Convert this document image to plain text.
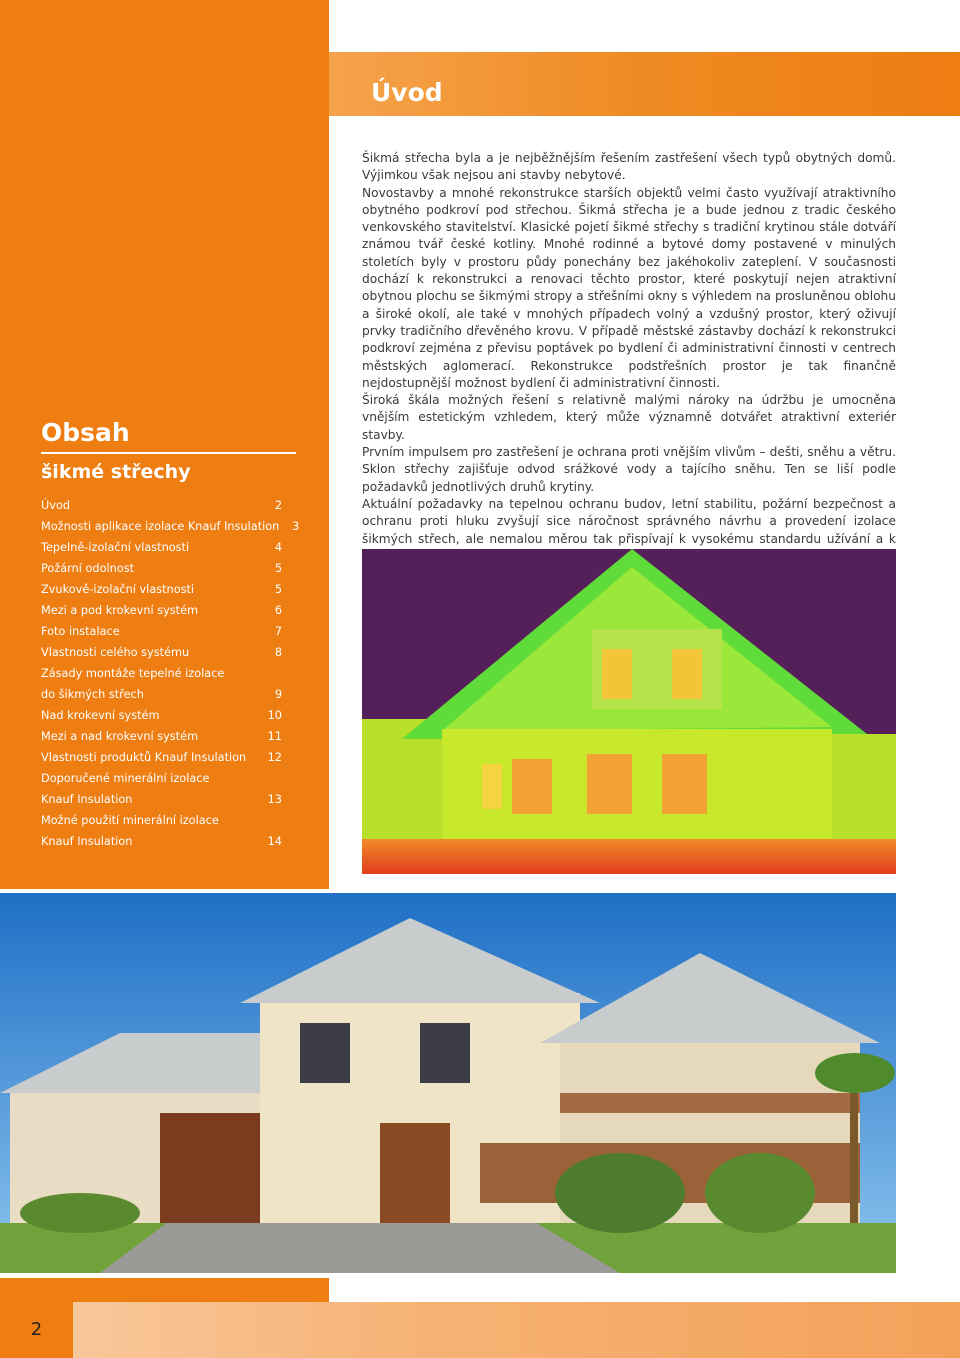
Obsah
šikmé střechy
Úvod	2
Možnosti aplikace izolace Knauf Insulation	3
Tepelně-izolační vlastnosti	4
Požární odolnost	5
Zvukově-izolační vlastnosti	5
Mezi a pod krokevní systém	6
Foto instalace	7
Vlastnosti celého systému	8
Zásady montáže tepelné izolace
do šikmých střech	9
Nad krokevní systém	10
Mezi a nad krokevní systém	11
Vlastnosti produktů Knauf Insulation	12
Doporučené minerální izolace
Knauf Insulation	13
Možné použití minerální izolace
Knauf Insulation	14
Úvod

Šikmá střecha byla a je nejběžnějším řešením zastřešení všech typů obytných domů. Výjimkou však nejsou ani stavby nebytové.

Novostavby a mnohé rekonstrukce starších objektů velmi často využívají atraktivního obytného podkroví pod střechou. Šikmá střecha je a bude jednou z tradic českého venkovského stavitelství. Klasické pojetí šikmé střechy s tradiční krytinou stále dotváří známou tvář české kotliny. Mnohé rodinné a bytové domy postavené v minulých stoletích byly v prostoru půdy ponechány bez jakéhokoliv zateplení. V současnosti dochází k rekonstrukci a renovaci těchto prostor, které poskytují nejen atraktivní obytnou plochu se šikmými stropy a střešními okny s výhledem na prosluněnou oblohu a široké okolí, ale také v mnohých případech volný a vzdušný prostor, který oživují prvky tradičního dřevěného krovu. V případě městské zástavby dochází k rekonstrukci podkroví zejména z převisu poptávek po bydlení či administrativní činnosti v centrech městských aglomerací. Rekonstrukce podstřešních prostor je tak finančně nejdostupnější možnost bydlení či administrativní činnosti.

Široká škála možných řešení s relativně malými nároky na údržbu je umocněna vnějším estetickým vzhledem, který může významně dotvářet atraktivní exteriér stavby.

Prvním impulsem pro zastřešení je ochrana proti vnějším vlivům – dešti, sněhu a větru. Sklon střechy zajišťuje odvod srážkové vody a tajícího sněhu. Ten se liší podle požadavků jednotlivých druhů krytiny.

Aktuální požadavky na tepelnou ochranu budov, letní stabilitu, požární bezpečnost a ochranu proti hluku zvyšují sice náročnost správného návrhu a provedení izolace šikmých střech, ale nemalou měrou tak přispívají k vysokému standardu užívání a k

2
